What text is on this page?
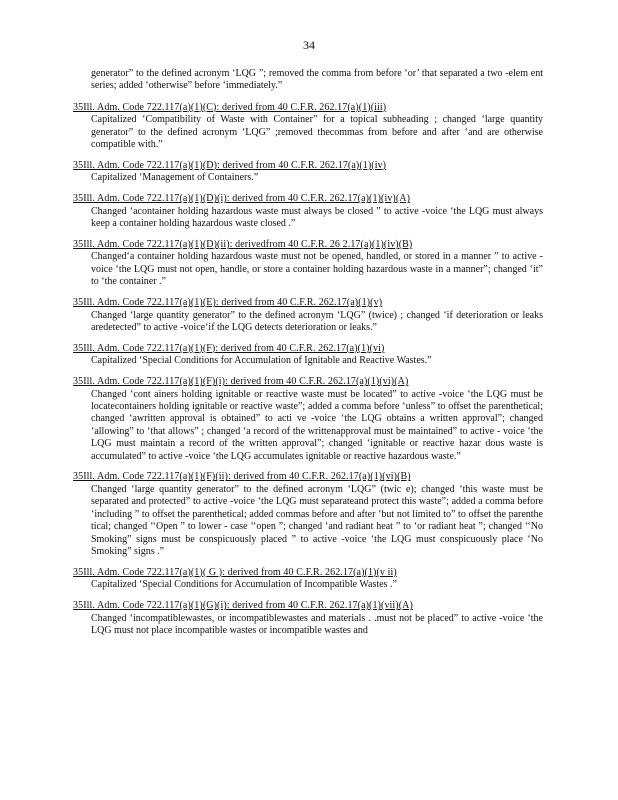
34
generator” to the defined acronym ‘LQG ”; removed the comma from before ‘or’ that separated a two -elem ent series; added ‘otherwise” before ‘immediately.”
35Ill. Adm. Code 722.117(a)(1)(C): derived from 40 C.F.R. 262.17(a)(1)(iii)
Capitalized ‘Compatibility of Waste with Container” for a topical subheading ; changed ‘large quantity generator” to the defined acronym ‘LQG” ;removed thecommas from before and after ‘and are otherwise compatible with.”
35Ill. Adm. Code 722.117(a)(1)(D): derived from 40 C.F.R. 262.17(a)(1)(iv)
Capitalized ‘Management of Containers.”
35Ill. Adm. Code 722.117(a)(1)(D)(i): derived from 40 C.F.R. 262.17(a)(1)(iv)(A)
Changed ‘acontainer holding hazardous waste must always be closed ” to active -voice ‘the LQG must always keep a container holding hazardous waste closed .”
35Ill. Adm. Code 722.117(a)(1)(D)(ii): derivedfrom 40 C.F.R. 26 2.17(a)(1)(iv)(B)
Changed‘a container holding hazardous waste must not be opened, handled, or stored in a manner ” to active -voice ‘the LQG must not open, handle, or store a container holding hazardous waste in a manner”; changed ‘it” to ‘the container .”
35Ill. Adm. Code 722.117(a)(1)(E): derived from 40 C.F.R. 262.17(a)(1)(v)
Changed ‘large quantity generator” to the defined acronym ‘LQG” (twice) ; changed ‘if deterioration or leaks aredetected” to active -voice‘if the LQG detects deterioration or leaks.”
35Ill. Adm. Code 722.117(a)(1)(F): derived from 40 C.F.R. 262.17(a)(1)(vi)
Capitalized ‘Special Conditions for Accumulation of Ignitable and Reactive Wastes.”
35Ill. Adm. Code 722.117(a)(1)(F)(i): derived from 40 C.F.R. 262.17(a)(1)(vi)(A)
Changed ‘cont ainers holding ignitable or reactive waste must be located” to active -voice ‘the LQG must be locatecontainers holding ignitable or reactive waste”; added a comma before ‘unless” to offset the parenthetical; changed ‘awritten approval is obtained” to acti ve -voice ‘the LQG obtains a written approval”; changed ‘allowing” to ‘that allows” ; changed ‘a record of the writtenapproval must be maintained” to active - voice ‘the LQG must maintain a record of the written approval”; changed ‘ignitable or reactive hazar dous waste is accumulated” to active -voice ‘the LQG accumulates ignitable or reactive hazardous waste.”
35Ill. Adm. Code 722.117(a)(1)(F)(ii): derived from 40 C.F.R. 262.17(a)(1)(vi)(B)
Changed ‘large quantity generator” to the defined acronym ‘LQG” (twic e); changed ‘this waste must be separated and protected” to active -voice ‘the LQG must separateand protect this waste”; added a comma before ‘including ” to offset the parenthetical; added commas before and after ‘but not limited to” to offset the parenthe tical; changed ‘‘Open ” to lower - case ‘‘open ”; changed ‘and radiant heat ” to ‘or radiant heat ”; changed ‘‘No Smoking” signs must be conspicuously placed ” to active -voice ‘the LQG must conspicuously place ‘No Smoking” signs .”
35Ill. Adm. Code 722.117(a)(1)( G ): derived from 40 C.F.R. 262.17(a)(1)(v ii)
Capitalized ‘Special Conditions for Accumulation of Incompatible Wastes .”
35Ill. Adm. Code 722.117(a)(1)(G)(i): derived from 40 C.F.R. 262.17(a)(1)(vii)(A)
Changed ‘incompatiblewastes, or incompatiblewastes and materials . .must not be placed” to active -voice ‘the LQG must not place incompatible wastes or incompatible wastes and
